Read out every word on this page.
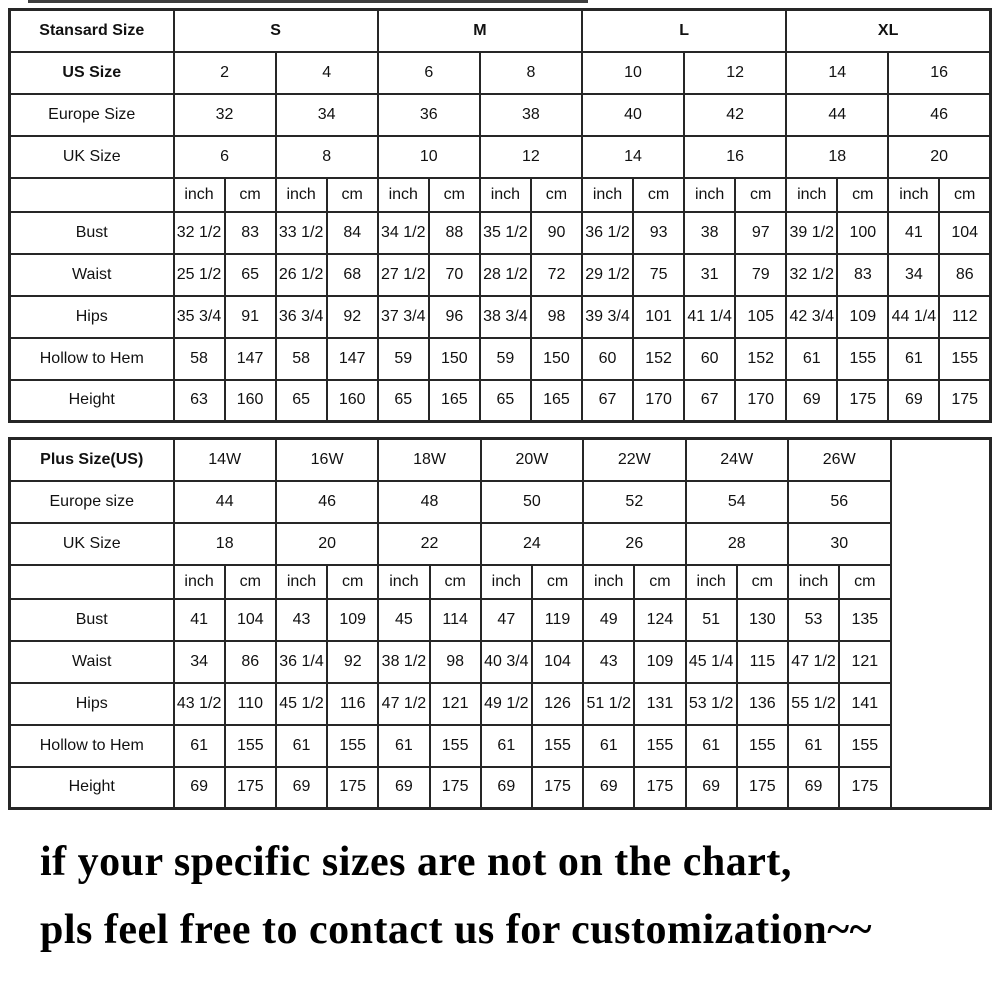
Stansard Size	S				M				L				XL			
US Size	2		4		6		8		10		12		14		16	
Europe Size	32		34		36		38		40		42		44		46	
UK Size	6		8		10		12		14		16		18		20	
	inch	cm	inch	cm	inch	cm	inch	cm	inch	cm	inch	cm	inch	cm	inch	cm
Bust	32 1/2	83	33 1/2	84	34 1/2	88	35 1/2	90	36 1/2	93	38	97	39 1/2	100	41	104
Waist	25 1/2	65	26 1/2	68	27 1/2	70	28 1/2	72	29 1/2	75	31	79	32 1/2	83	34	86
Hips	35 3/4	91	36 3/4	92	37 3/4	96	38 3/4	98	39 3/4	101	41 1/4	105	42 3/4	109	44 1/4	112
Hollow to Hem	58	147	58	147	59	150	59	150	60	152	60	152	61	155	61	155
Height	63	160	65	160	65	165	65	165	67	170	67	170	69	175	69	175
Plus Size(US)	14W		16W		18W		20W		22W		24W		26W		
Europe size	44		46		48		50		52		54		56		
UK Size	18		20		22		24		26		28		30		
	inch	cm	inch	cm	inch	cm	inch	cm	inch	cm	inch	cm	inch	cm	
Bust	41	104	43	109	45	114	47	119	49	124	51	130	53	135	
Waist	34	86	36 1/4	92	38 1/2	98	40 3/4	104	43	109	45 1/4	115	47 1/2	121	
Hips	43 1/2	110	45 1/2	116	47 1/2	121	49 1/2	126	51 1/2	131	53 1/2	136	55 1/2	141	
Hollow to Hem	61	155	61	155	61	155	61	155	61	155	61	155	61	155	
Height	69	175	69	175	69	175	69	175	69	175	69	175	69	175	
if your specific sizes are not on the chart,
pls feel free to contact us for customization~~
